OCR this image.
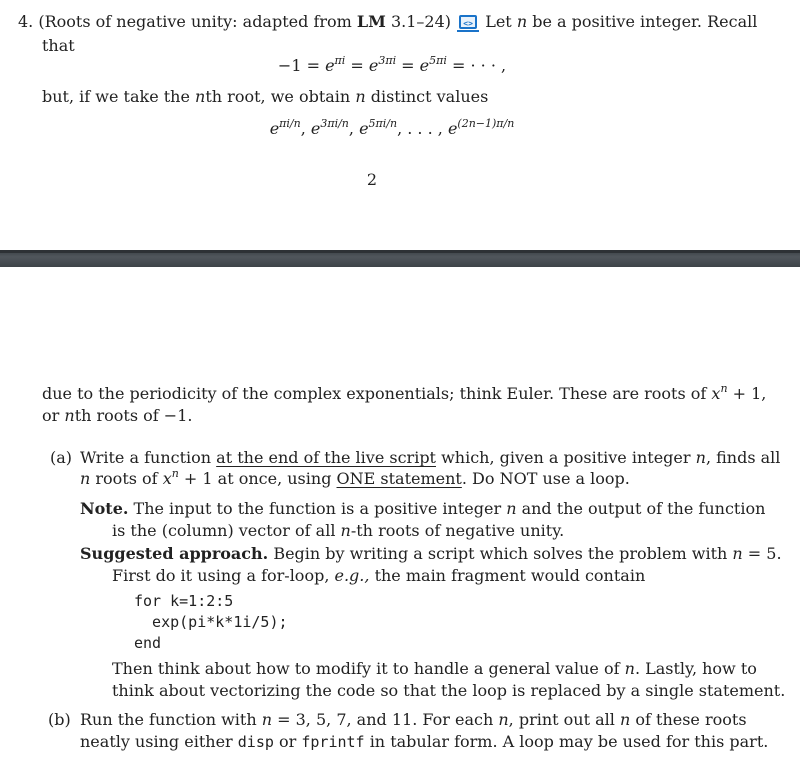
4. (Roots of negative unity: adapted from LM 3.1–24) <> Let n be a positive integer. Recall
that
$-1 = e^{\pi i} = e^{3\pi i} = e^{5\pi i}$ = · · · ,
but, if we take the nth root, we obtain n distinct values
$e^{\pi i/n}$, $e^{3\pi i/n}$, $e^{5\pi i/n}$, . . . , $e^{(2n-1)\pi/n}$
2
due to the periodicity of the complex exponentials; think Euler. These are roots of $x^n + 1$,
or nth roots of −1.
(a) Write a function at the end of the live script which, given a positive integer n, finds all
n roots of $x^n + 1$ at once, using ONE statement. Do NOT use a loop.
Note. The input to the function is a positive integer n and the output of the function
is the (column) vector of all n-th roots of negative unity.
Suggested approach. Begin by writing a script which solves the problem with n = 5.
First do it using a for-loop, e.g., the main fragment would contain
for k=1:2:5
exp(pi*k*1i/5);
end
Then think about how to modify it to handle a general value of n. Lastly, how to
think about vectorizing the code so that the loop is replaced by a single statement.
(b) Run the function with n = 3, 5, 7, and 11. For each n, print out all n of these roots
neatly using either disp or fprintf in tabular form. A loop may be used for this part.
